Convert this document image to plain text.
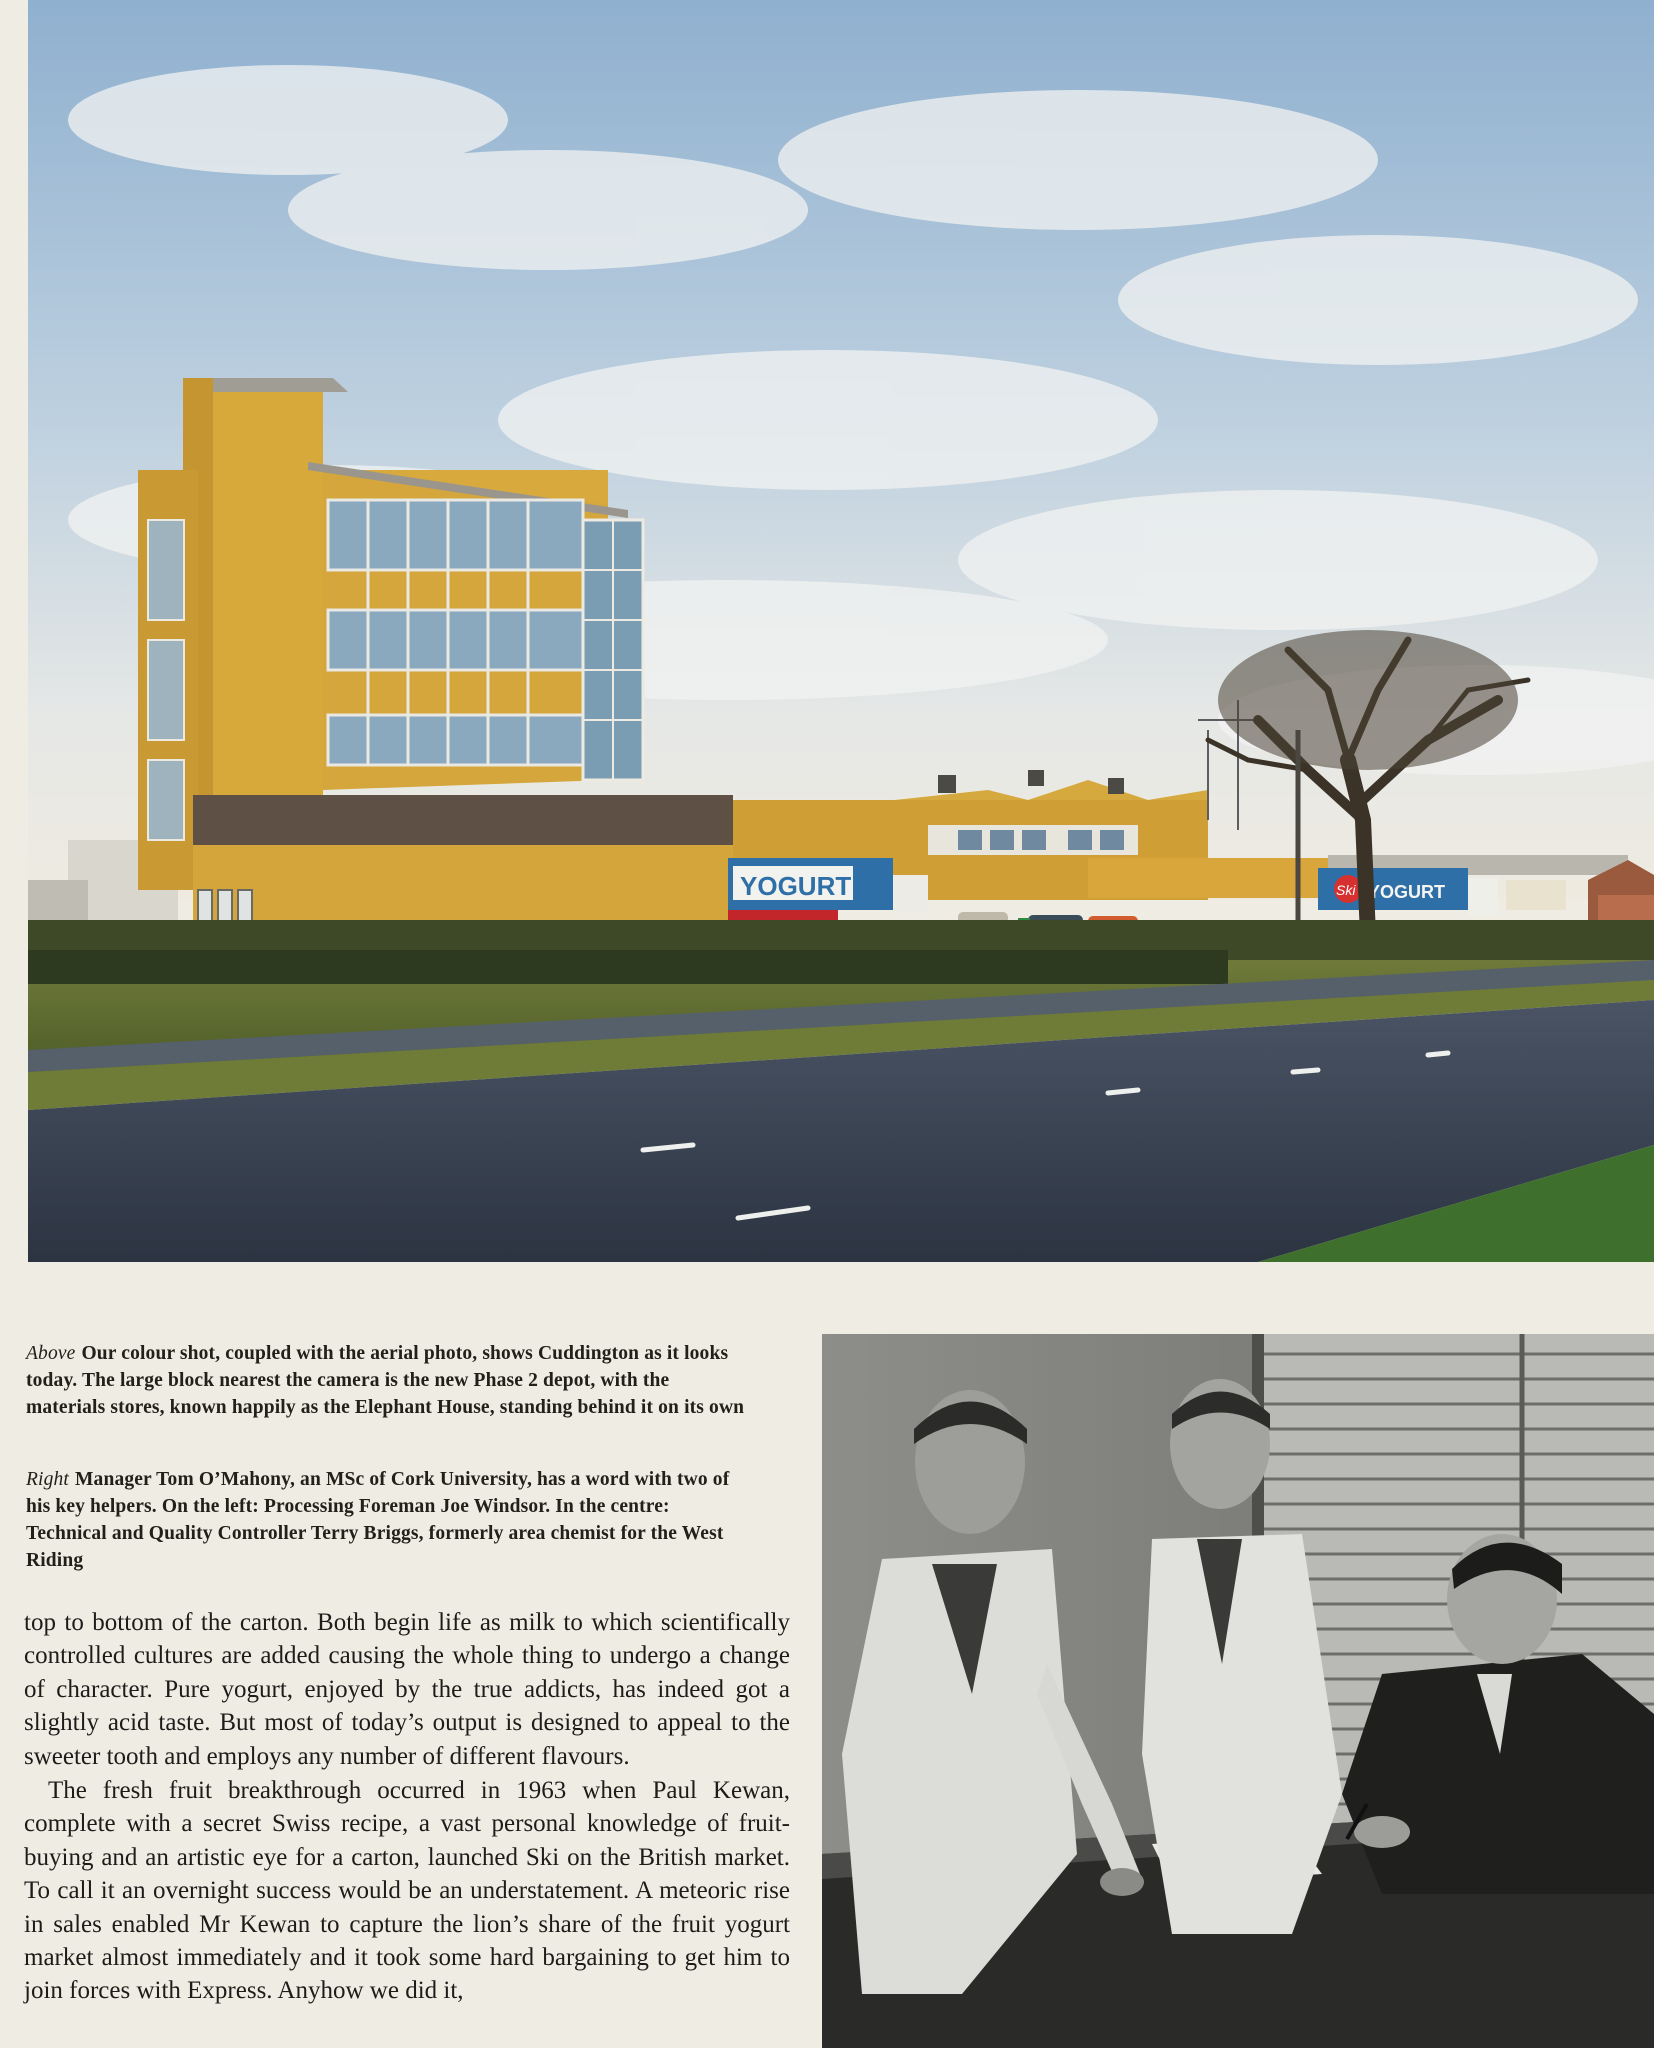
YOGURT	Ski YOGURT
Above Our colour shot, coupled with the aerial photo, shows Cuddington as it looks today. The large block nearest the camera is the new Phase 2 depot, with the materials stores, known happily as the Elephant House, standing behind it on its own
Right Manager Tom O’Mahony, an MSc of Cork University, has a word with two of his key helpers. On the left: Processing Foreman Joe Windsor. In the centre: Technical and Quality Controller Terry Briggs, formerly area chemist for the West Riding

top to bottom of the carton. Both begin life as milk to which scientifically controlled cultures are added causing the whole thing to undergo a change of character. Pure yogurt, enjoyed by the true addicts, has indeed got a slightly acid taste. But most of today’s output is designed to appeal to the sweeter tooth and employs any number of different flavours.

The fresh fruit breakthrough occurred in 1963 when Paul Kewan, complete with a secret Swiss recipe, a vast personal knowledge of fruit-buying and an artistic eye for a carton, launched Ski on the British market. To call it an overnight success would be an understatement. A meteoric rise in sales enabled Mr Kewan to capture the lion’s share of the fruit yogurt market almost immediately and it took some hard bargaining to get him to join forces with Express. Anyhow we did it,
